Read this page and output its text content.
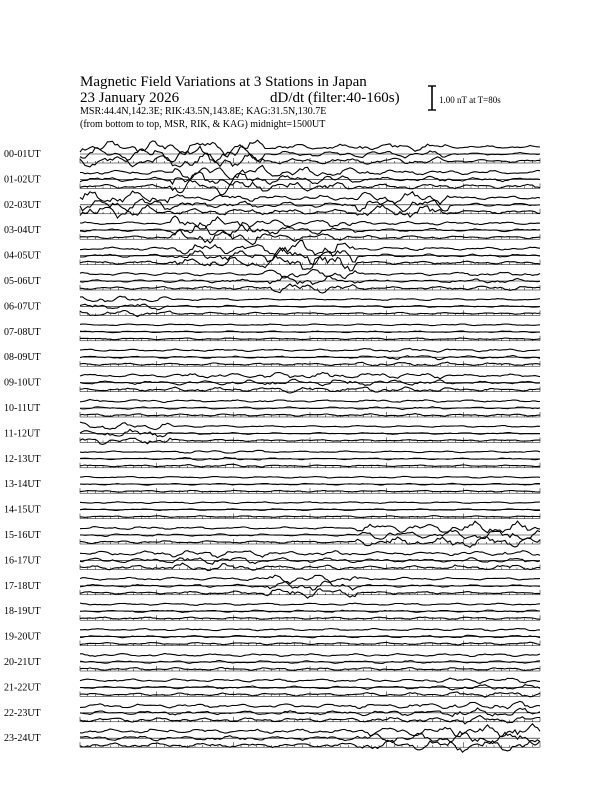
Magnetic Field Variations at 3 Stations in Japan
23 January 2026	dD/dt (filter:40-160s)
MSR:44.4N,142.3E; RIK:43.5N,143.8E; KAG:31.5N,130.7E
(from bottom to top, MSR, RIK, & KAG) midnight=1500UT
1.00 nT at T=80s
00-01UT
01-02UT
02-03UT
03-04UT
04-05UT
05-06UT
06-07UT
07-08UT
08-09UT
09-10UT
10-11UT
11-12UT
12-13UT
13-14UT
14-15UT
15-16UT
16-17UT
17-18UT
18-19UT
19-20UT
20-21UT
21-22UT
22-23UT
23-24UT
